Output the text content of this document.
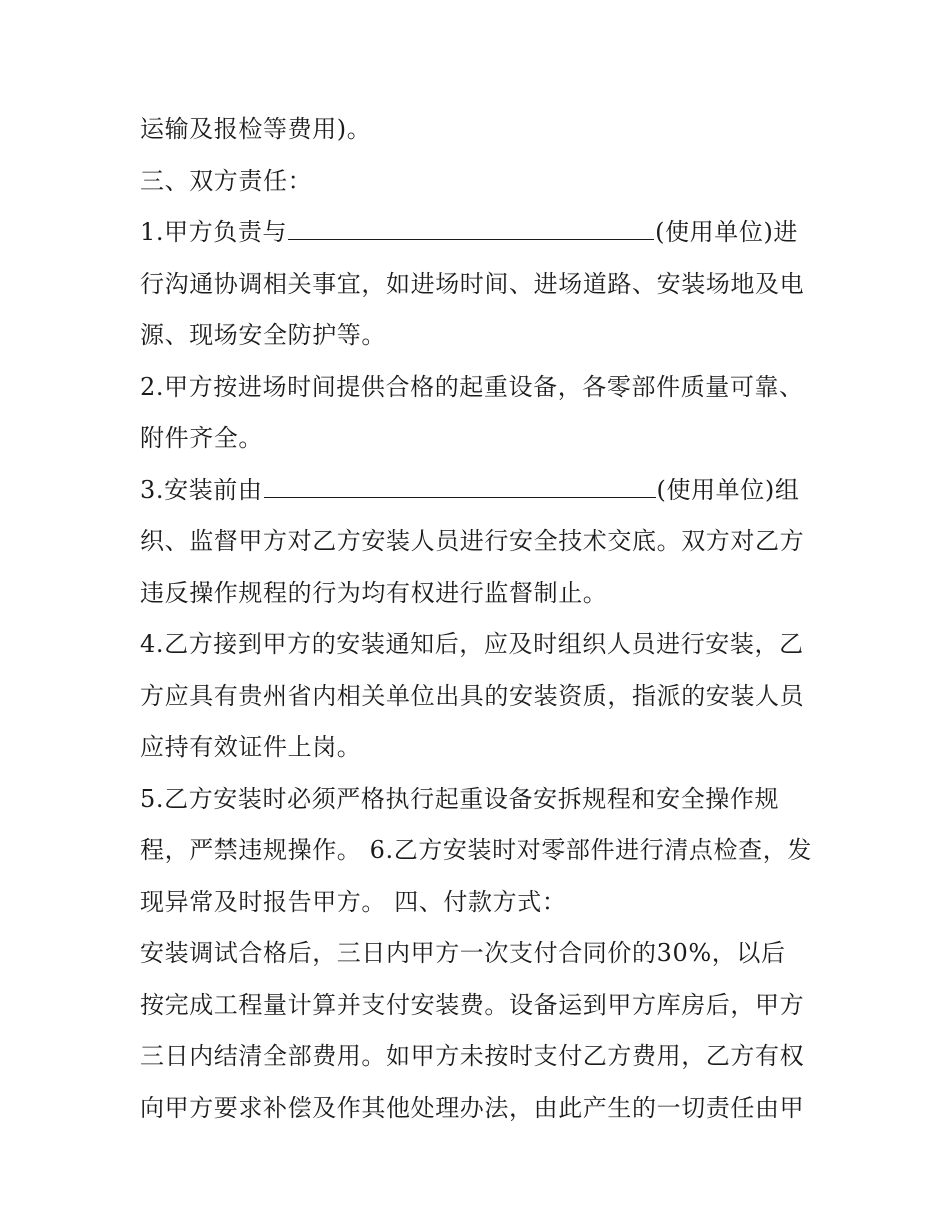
运输及报检等费用)。
三、双方责任：
1.甲方负责与	(使用单位)进
行沟通协调相关事宜，如进场时间、进场道路、安装场地及电
源、现场安全防护等。
2.甲方按进场时间提供合格的起重设备，各零部件质量可靠、
附件齐全。
3.安装前由	(使用单位)组
织、监督甲方对乙方安装人员进行安全技术交底。双方对乙方
违反操作规程的行为均有权进行监督制止。
4.乙方接到甲方的安装通知后，应及时组织人员进行安装，乙
方应具有贵州省内相关单位出具的安装资质，指派的安装人员
应持有效证件上岗。
5.乙方安装时必须严格执行起重设备安拆规程和安全操作规
程，严禁违规操作。 6.乙方安装时对零部件进行清点检查，发
现异常及时报告甲方。 四、付款方式：
安装调试合格后，三日内甲方一次支付合同价的30%，以后
按完成工程量计算并支付安装费。设备运到甲方库房后，甲方
三日内结清全部费用。如甲方未按时支付乙方费用，乙方有权
向甲方要求补偿及作其他处理办法，由此产生的一切责任由甲
